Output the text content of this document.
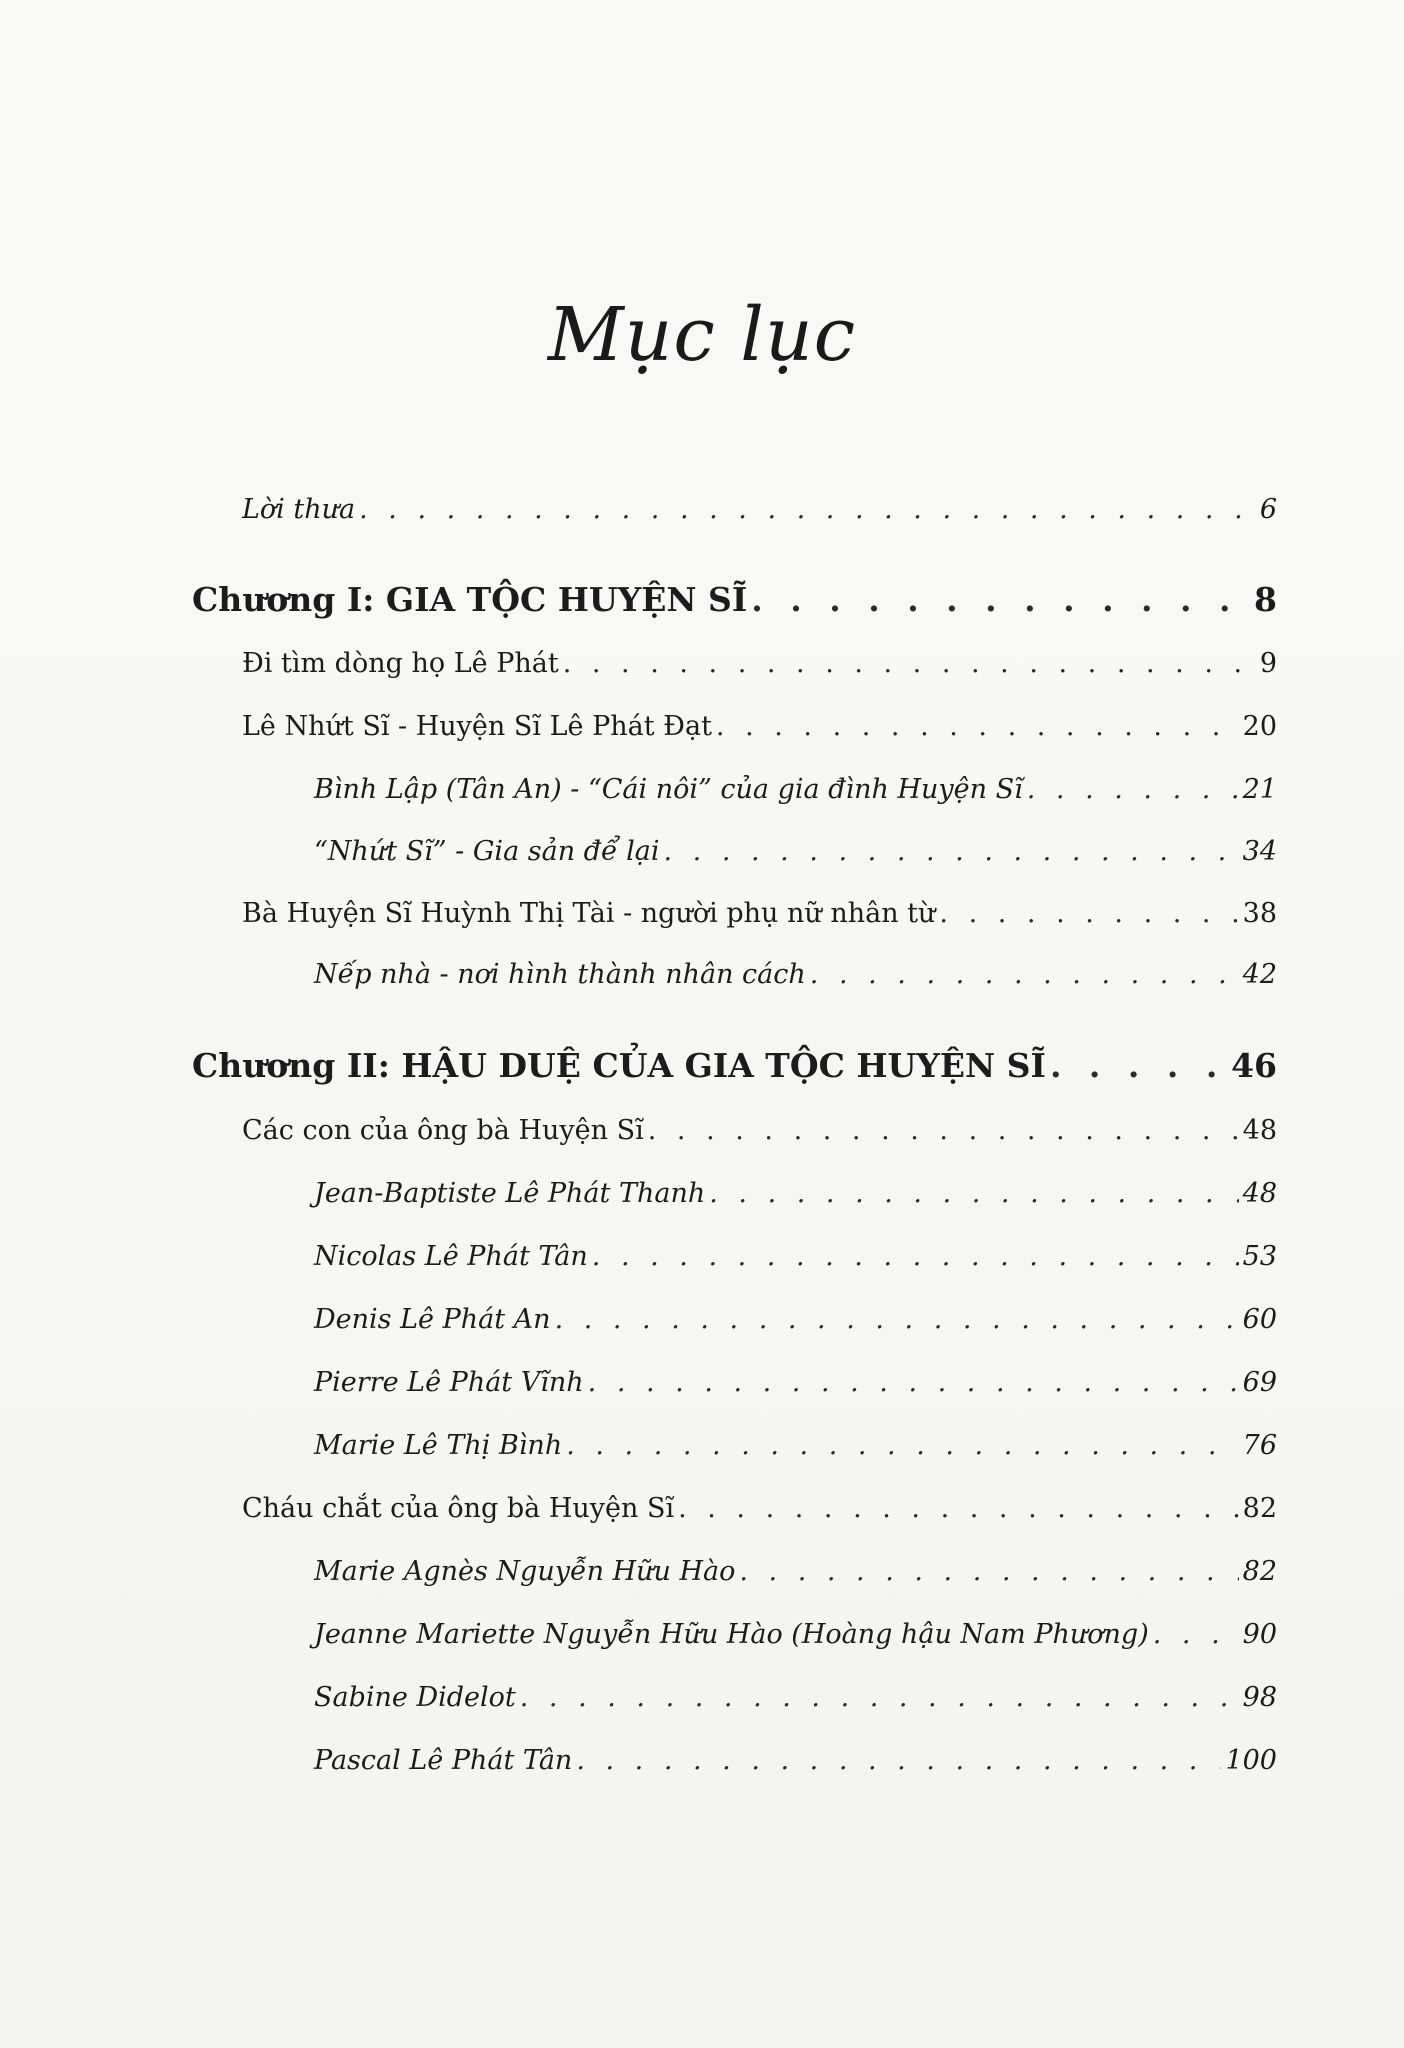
Mục lục
Lời thưa . . .	6
Chương I: GIA TỘC HUYỆN SĨ . . .	8
Đi tìm dòng họ Lê Phát . . .	9
Lê Nhứt Sĩ - Huyện Sĩ Lê Phát Đạt . . .	20
Bình Lập (Tân An) - “Cái nôi” của gia đình Huyện Sĩ . . .	21
“Nhứt Sĩ” - Gia sản để lại . . .	34
Bà Huyện Sĩ Huỳnh Thị Tài - người phụ nữ nhân từ . . .	38
Nếp nhà - nơi hình thành nhân cách . . .	42
Chương II: HẬU DUỆ CỦA GIA TỘC HUYỆN SĨ . . .	46
Các con của ông bà Huyện Sĩ . . .	48
Jean-Baptiste Lê Phát Thanh . . .	48
Nicolas Lê Phát Tân . . .	53
Denis Lê Phát An . . .	60
Pierre Lê Phát Vĩnh . . .	69
Marie Lê Thị Bình . . .	76
Cháu chắt của ông bà Huyện Sĩ . . .	82
Marie Agnès Nguyễn Hữu Hào . . .	82
Jeanne Mariette Nguyễn Hữu Hào (Hoàng hậu Nam Phương) . . .	90
Sabine Didelot . . .	98
Pascal Lê Phát Tân . . .	100
